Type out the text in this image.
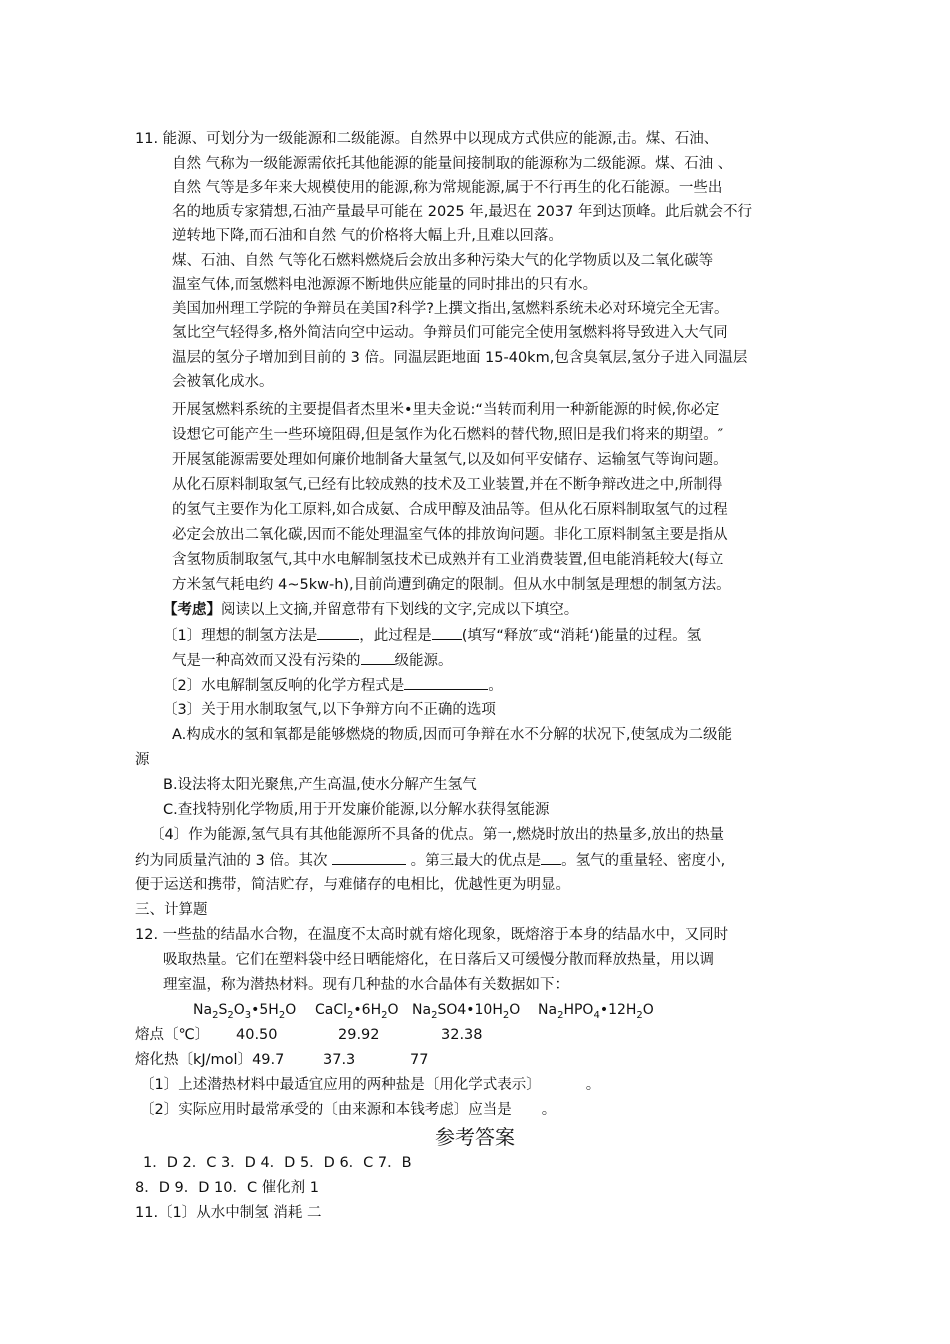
11. 能源、可划分为一级能源和二级能源。自然界中以现成方式供应的能源,击。煤、石油、
自然 气称为一级能源需依托其他能源的能量间接制取的能源称为二级能源。煤、石油 、
自然 气等是多年来大规模使用的能源,称为常规能源,属于不行再生的化石能源。一些出
名的地质专家猜想,石油产量最早可能在 2025 年,最迟在 2037 年到达顶峰。此后就会不行
逆转地下降,而石油和自然 气的价格将大幅上升,且难以回落。
煤、石油、自然 气等化石燃料燃烧后会放出多种污染大气的化学物质以及二氧化碳等
温室气体,而氢燃料电池源源不断地供应能量的同时排出的只有水。
美国加州理工学院的争辩员在美国?科学?上撰文指出,氢燃料系统未必对环境完全无害。
氢比空气轻得多,格外简洁向空中运动。争辩员们可能完全使用氢燃料将导致进入大气同
温层的氢分子增加到目前的 3 倍。同温层距地面 15-40km,包含臭氧层,氢分子进入同温层
会被氧化成水。
开展氢燃料系统的主要提倡者杰里米•里夫金说:“当转而利用一种新能源的时候,你必定
设想它可能产生一些环境阻碍,但是氢作为化石燃料的替代物,照旧是我们将来的期望。″
开展氢能源需要处理如何廉价地制备大量氢气,以及如何平安储存、运输氢气等询问题。
从化石原料制取氢气,已经有比较成熟的技术及工业装置,并在不断争辩改进之中,所制得
的氢气主要作为化工原料,如合成氨、合成甲醇及油品等。但从化石原料制取氢气的过程
必定会放出二氧化碳,因而不能处理温室气体的排放询问题。非化工原料制氢主要是指从
含氢物质制取氢气,其中水电解制氢技术已成熟并有工业消费装置,但电能消耗较大(每立
方米氢气耗电约 4~5kw-h),目前尚遭到确定的限制。但从水中制氢是理想的制氢方法。
【考虑】阅读以上文摘,并留意带有下划线的文字,完成以下填空。
〔1〕理想的制氢方法是	，此过程是 (填写“释放″或“消耗‘)能量的过程。氢
气是一种高效而又没有污染的 级能源。
〔2〕水电解制氢反响的化学方程式是	。
〔3〕关于用水制取氢气,以下争辩方向不正确的选项
A.构成水的氢和氧都是能够燃烧的物质,因而可争辩在水不分解的状况下,使氢成为二级能
源
B.设法将太阳光聚焦,产生高温,使水分解产生氢气
C.查找特别化学物质,用于开发廉价能源,以分解水获得氢能源
〔4〕作为能源,氢气具有其他能源所不具备的优点。第一,燃烧时放出的热量多,放出的热量
约为同质量汽油的 3 倍。其次	。第三最大的优点是 。氢气的重量轻、密度小,
便于运送和携带，简洁贮存，与难储存的电相比，优越性更为明显。
三、计算题
12. 一些盐的结晶水合物，在温度不太高时就有熔化现象，既熔溶于本身的结晶水中，又同时
吸取热量。它们在塑料袋中经日晒能熔化，在日落后又可缓慢分散而释放热量，用以调
理室温，称为潜热材料。现有几种盐的水合晶体有关数据如下：
$Na_2S_2O_3•5H_2O$ $CaCl_2•6H_2O$ $Na_2SO4•10H_2O$ $Na_2HPO_4•12H_2O$
熔点〔℃〕 40.50	29.92	32.38
熔化热〔kJ/mol〕49.7	37.3	77
〔1〕上述潜热材料中最适宜应用的两种盐是〔用化学式表示〕	。
〔2〕实际应用时最常承受的〔由来源和本钱考虑〕应当是 。
参考答案
1．D 2．C 3．D 4．D 5．D 6．C 7．B
8．D 9．D 10．C 催化剂 1
11.〔1〕从水中制氢 消耗 二
